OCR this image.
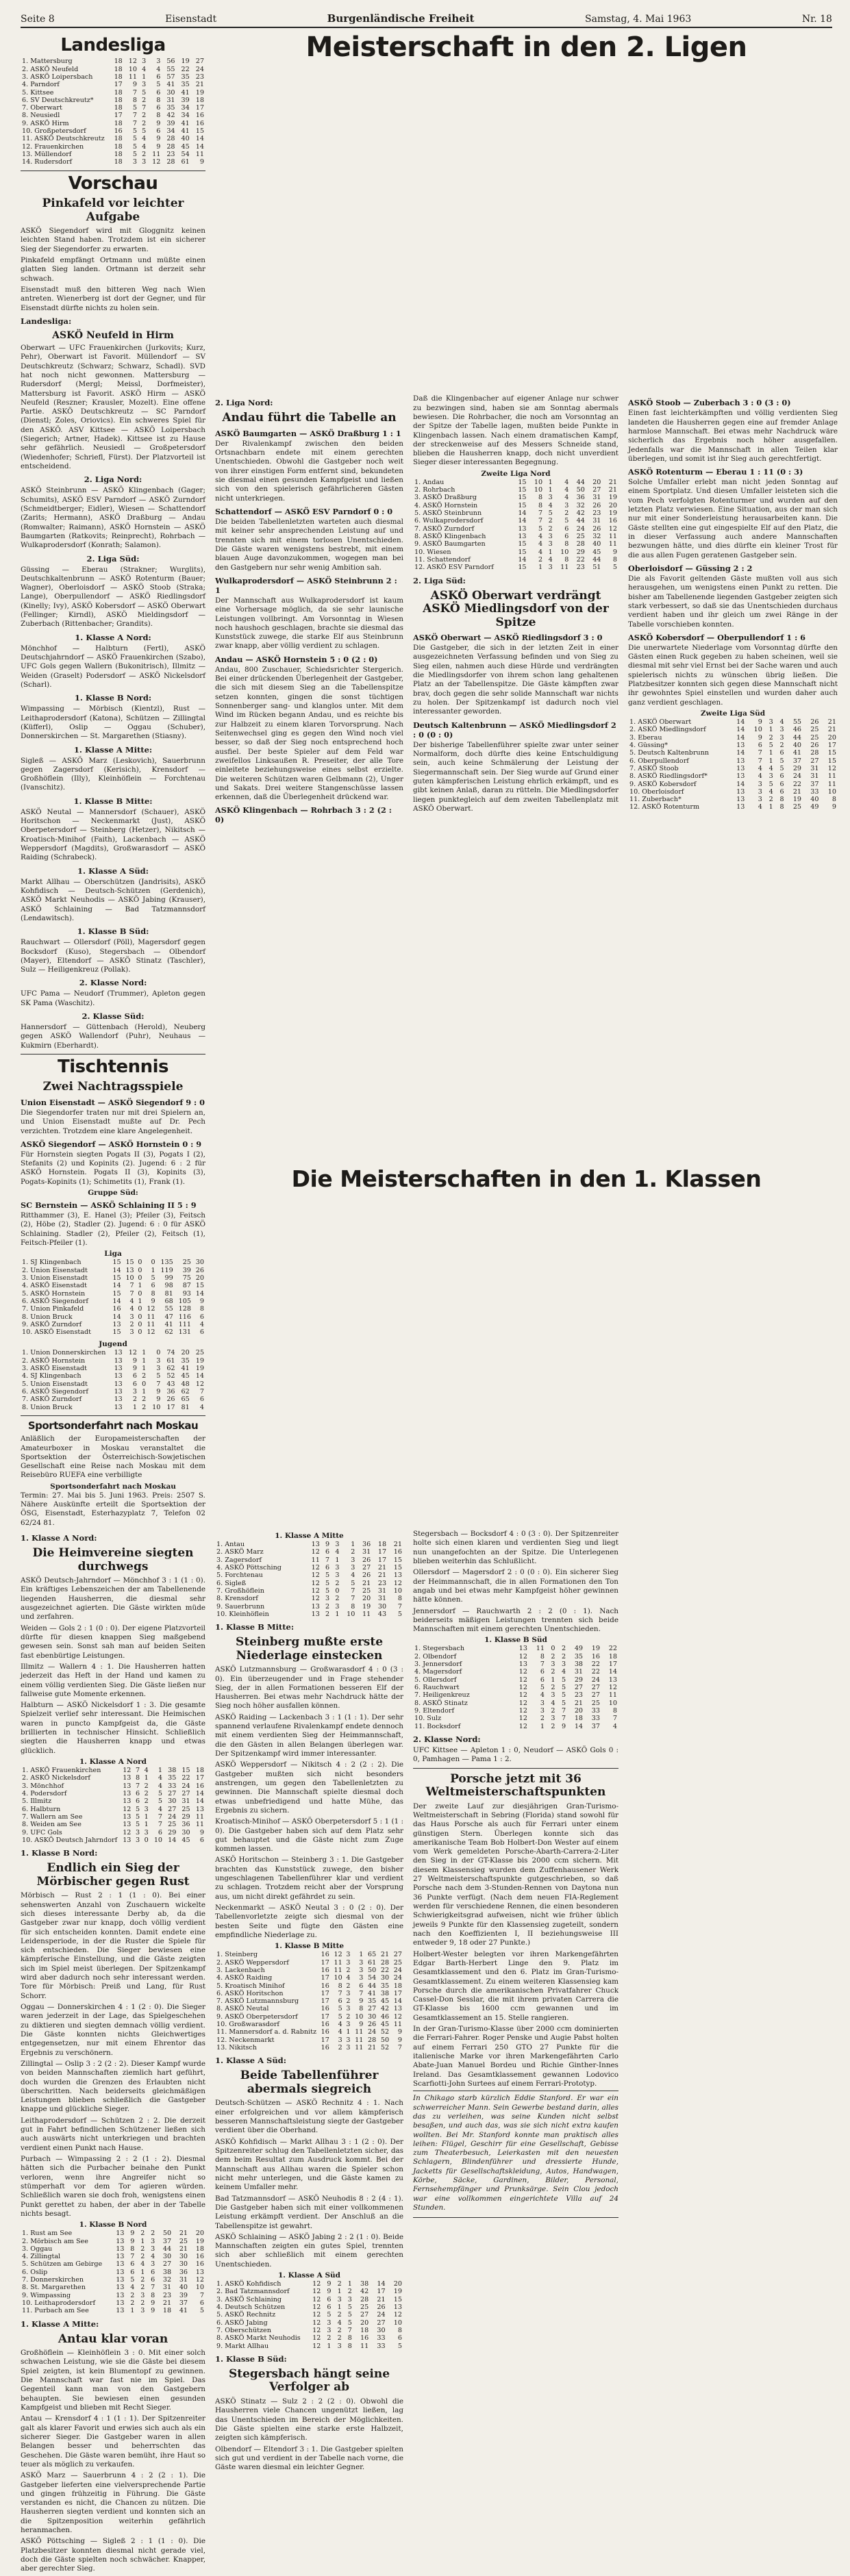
Seite 8	Eisenstadt	Burgenländische Freiheit	Samstag, 4. Mai 1963	Nr. 18
Landesliga
1. Mattersburg	18	12	3	3	56	19	27
2. ASKÖ Neufeld	18	10	4	4	55	22	24
3. ASKÖ Loipersbach	18	11	1	6	57	35	23
4. Parndorf	17	9	3	5	41	35	21
5. Kittsee	18	7	5	6	30	41	19
6. SV Deutschkreutz*	18	8	2	8	31	39	18
7. Oberwart	18	5	7	6	35	34	17
8. Neusiedl	17	7	2	8	42	34	16
9. ASKÖ Hirm	18	7	2	9	39	41	16
10. Großpetersdorf	16	5	5	6	34	41	15
11. ASKÖ Deutschkreutz	18	5	4	9	28	40	14
12. Frauenkirchen	18	5	4	9	28	45	14
13. Müllendorf	18	5	2	11	23	54	11
14. Rudersdorf	18	3	3	12	28	61	9
Vorschau
Pinkafeld vor leichter Aufgabe

ASKÖ Siegendorf wird mit Gloggnitz keinen leichten Stand haben. Trotzdem ist ein sicherer Sieg der Siegendorfer zu erwarten.

Pinkafeld empfängt Ortmann und müßte einen glatten Sieg landen. Ortmann ist derzeit sehr schwach.

Eisenstadt muß den bitteren Weg nach Wien antreten. Wienerberg ist dort der Gegner, und für Eisenstadt dürfte nichts zu holen sein.

Landesliga:
ASKÖ Neufeld in Hirm

Oberwart — UFC Frauenkirchen (Jurkovits; Kurz, Pehr), Oberwart ist Favorit. Müllendorf — SV Deutschkreutz (Schwarz; Schwarz, Schadl). SVD hat noch nicht gewonnen. Mattersburg — Rudersdorf (Mergl; Meissl, Dorfmeister), Mattersburg ist Favorit. ASKÖ Hirm — ASKÖ Neufeld (Reszner; Krausler, Mozelt). Eine offene Partie. ASKÖ Deutschkreutz — SC Parndorf (Dienstl; Zoles, Oriovics). Ein schweres Spiel für den ASKÖ. ASV Kittsee — ASKÖ Loipersbach (Siegerich; Artner, Hadek). Kittsee ist zu Hause sehr gefährlich. Neusiedl — Großpetersdorf (Wiedenhofer; Schriefl, Fürst). Der Platzvorteil ist entscheidend.

2. Liga Nord:

ASKÖ Steinbrunn — ASKÖ Klingenbach (Gager; Schumits), ASKÖ ESV Parndorf — ASKÖ Zurndorf (Schmeidtberger; Eidler), Wiesen — Schattendorf (Zarits; Hermann), ASKÖ Draßburg — Andau (Romwalter; Raimann), ASKÖ Hornstein — ASKÖ Baumgarten (Ratkovits; Reinprecht), Rohrbach — Wulkaprodersdorf (Konrath; Salamon).

2. Liga Süd:

Güssing — Eberau (Strakner; Wurglits), Deutschkaltenbrunn — ASKÖ Rotenturm (Bauer; Wagner), Oberloisdorf — ASKÖ Stoob (Straka; Lange), Oberpullendorf — ASKÖ Riedlingsdorf (Kinelly; Ivy), ASKÖ Kobersdorf — ASKÖ Oberwart (Fellinger; Kirndl), ASKÖ Mieldingsdorf — Zuberbach (Rittenbacher; Grandits).

1. Klasse A Nord:

Mönchhof — Halbturn (Fertl), ASKÖ Deutschjahrndorf — ASKÖ Frauenkirchen (Szabo), UFC Gols gegen Wallern (Bukonitrisch), Illmitz — Weiden (Graselt) Podersdorf — ASKÖ Nickelsdorf (Scharl).

1. Klasse B Nord:

Wimpassing — Mörbisch (Kientzl), Rust — Leithaprodersdorf (Katona), Schützen — Zillingtal (Küfferl), Oslip — Oggau (Schuber), Donnerskirchen — St. Margarethen (Stiasny).

1. Klasse A Mitte:

Sigleß — ASKÖ Marz (Leskovich), Sauerbrunn gegen Zagersdorf (Kerisich), Krensdorf — Großhöflein (Illy), Kleinhöflein — Forchtenau (Ivanschitz).

1. Klasse B Mitte:

ASKÖ Neutal — Mannersdorf (Schauer), ASKÖ Horitschon — Neckenmarkt (Just), ASKÖ Oberpetersdorf — Steinberg (Hetzer), Nikitsch — Kroatisch-Minihof (Faith), Lackenbach — ASKÖ Weppersdorf (Magdits), Großwarasdorf — ASKÖ Raiding (Schrabeck).

1. Klasse A Süd:

Markt Allhau — Oberschützen (Jandrisits), ASKÖ Kohfidisch — Deutsch-Schützen (Gerdenich), ASKÖ Markt Neuhodis — ASKÖ Jabing (Krauser), ASKÖ Schlaining — Bad Tatzmannsdorf (Lendawitsch).

1. Klasse B Süd:

Rauchwart — Ollersdorf (Pöll), Magersdorf gegen Bocksdorf (Kuso), Stegersbach — Olbendorf (Mayer), Eltendorf — ASKÖ Stinatz (Taschler), Sulz — Heiligenkreuz (Pollak).

2. Klasse Nord:

UFC Pama — Neudorf (Trummer), Apleton gegen SK Pama (Waschitz).

2. Klasse Süd:

Hannersdorf — Güttenbach (Herold), Neuberg gegen ASKÖ Wallendorf (Puhr), Neuhaus — Kukmirn (Eberhardt).

Tischtennis
Zwei Nachtragsspiele
Union Eisenstadt — ASKÖ Siegendorf 9 : 0

Die Siegendorfer traten nur mit drei Spielern an, und Union Eisenstadt mußte auf Dr. Pech verzichten. Trotzdem eine klare Angelegenheit.

ASKÖ Siegendorf — ASKÖ Hornstein 0 : 9

Für Hornstein siegten Pogats II (3), Pogats I (2), Stefanits (2) und Kopinits (2). Jugend: 6 : 2 für ASKÖ Hornstein. Pogats II (3), Kopinits (3), Pogats-Kopinits (1); Schimetits (1), Frank (1).

Gruppe Süd:
SC Bernstein — ASKÖ Schlaining II 5 : 9

Ritthammer (3), E. Hanel (3); Pfeiler (3), Feitsch (2), Höbe (2), Stadler (2). Jugend: 6 : 0 für ASKÖ Schlaining. Stadler (2), Pfeiler (2), Feitsch (1), Feitsch-Pfeiler (1).

Liga
1. SJ Klingenbach	15	15	0	0	135	25	30
2. Union Eisenstadt	14	13	0	1	119	39	26
3. Union Eisenstadt	15	10	0	5	99	75	20
4. ASKÖ Eisenstadt	14	7	1	6	98	87	15
5. ASKÖ Hornstein	15	7	0	8	81	93	14
6. ASKÖ Siegendorf	14	4	1	9	68	105	9
7. Union Pinkafeld	16	4	0	12	55	128	8
8. Union Bruck	14	3	0	11	47	116	6
9. ASKÖ Zurndorf	13	2	0	11	41	111	4
10. ASKÖ Eisenstadt	15	3	0	12	62	131	6
Jugend
1. Union Donnerskirchen	13	12	1	0	74	20	25
2. ASKÖ Hornstein	13	9	1	3	61	35	19
3. ASKÖ Eisenstadt	13	9	1	3	62	41	19
4. SJ Klingenbach	13	6	2	5	52	45	14
5. Union Eisenstadt	13	6	0	7	43	48	12
6. ASKÖ Siegendorf	13	3	1	9	36	62	7
7. ASKÖ Zurndorf	13	2	2	9	26	65	6
8. Union Bruck	13	1	2	10	17	81	4
Sportsonderfahrt nach Moskau

Anläßlich der Europameisterschaften der Amateurboxer in Moskau veranstaltet die Sportsektion der Österreichisch-Sowjetischen Gesellschaft eine Reise nach Moskau mit dem Reisebüro RUEFA eine verbilligte

Sportsonderfahrt nach Moskau

Termin: 27. Mai bis 5. Juni 1963. Preis: 2507 S. Nähere Auskünfte erteilt die Sportsektion der ÖSG, Eisenstadt, Esterhazyplatz 7, Telefon 02 62/24 81.

Meisterschaft in den 2. Ligen
2. Liga Nord:
Andau führt die Tabelle an
ASKÖ Baumgarten — ASKÖ Draßburg 1 : 1

Der Rivalenkampf zwischen den beiden Ortsnachbarn endete mit einem gerechten Unentschieden. Obwohl die Gastgeber noch weit von ihrer einstigen Form entfernt sind, bekundeten sie diesmal einen gesunden Kampfgeist und ließen sich von den spielerisch gefährlicheren Gästen nicht unterkriegen.

Schattendorf — ASKÖ ESV Parndorf 0 : 0

Die beiden Tabellenletzten warteten auch diesmal mit keiner sehr ansprechenden Leistung auf und trennten sich mit einem torlosen Unentschieden. Die Gäste waren wenigstens bestrebt, mit einem blauen Auge davonzukommen, wogegen man bei den Gastgebern nur sehr wenig Ambition sah.

Wulkaprodersdorf — ASKÖ Steinbrunn 2 : 1

Der Mannschaft aus Wulkaprodersdorf ist kaum eine Vorhersage möglich, da sie sehr launische Leistungen vollbringt. Am Vorsonntag in Wiesen noch haushoch geschlagen, brachte sie diesmal das Kunststück zuwege, die starke Elf aus Steinbrunn zwar knapp, aber völlig verdient zu schlagen.

Andau — ASKÖ Hornstein 5 : 0 (2 : 0)

Andau, 800 Zuschauer, Schiedsrichter Stergerich. Bei einer drückenden Überlegenheit der Gastgeber, die sich mit diesem Sieg an die Tabellenspitze setzen konnten, gingen die sonst tüchtigen Sonnenberger sang- und klanglos unter. Mit dem Wind im Rücken begann Andau, und es reichte bis zur Halbzeit zu einem klaren Torvorsprung. Nach Seitenwechsel ging es gegen den Wind noch viel besser, so daß der Sieg noch entsprechend hoch ausfiel. Der beste Spieler auf dem Feld war zweifellos Linksaußen R. Preseiter, der alle Tore einleitete beziehungsweise eines selbst erzielte. Die weiteren Schützen waren Gelbmann (2), Unger und Sakats. Drei weitere Stangenschüsse lassen erkennen, daß die Überlegenheit drückend war.

ASKÖ Klingenbach — Rohrbach 3 : 2 (2 : 0)

Daß die Klingenbacher auf eigener Anlage nur schwer zu bezwingen sind, haben sie am Sonntag abermals bewiesen. Die Rohrbacher, die noch am Vorsonntag an der Spitze der Tabelle lagen, mußten beide Punkte in Klingenbach lassen. Nach einem dramatischen Kampf, der streckenweise auf des Messers Schneide stand, blieben die Hausherren knapp, doch nicht unverdient Sieger dieser interessanten Begegnung.

Zweite Liga Nord
1. Andau	15	10	1	4	44	20	21
2. Rohrbach	15	10	1	4	50	27	21
3. ASKÖ Draßburg	15	8	3	4	36	31	19
4. ASKÖ Hornstein	15	8	4	3	32	26	20
5. ASKÖ Steinbrunn	14	7	5	2	42	23	19
6. Wulkaprodersdorf	14	7	2	5	44	31	16
7. ASKÖ Zurndorf	13	5	2	6	24	26	12
8. ASKÖ Klingenbach	13	4	3	6	25	32	11
9. ASKÖ Baumgarten	15	4	3	8	28	40	11
10. Wiesen	15	4	1	10	29	45	9
11. Schattendorf	14	2	4	8	22	44	8
12. ASKÖ ESV Parndorf	15	1	3	11	23	51	5
2. Liga Süd:
ASKÖ Oberwart verdrängt ASKÖ Miedlingsdorf von der Spitze
ASKÖ Oberwart — ASKÖ Riedlingsdorf 3 : 0

Die Gastgeber, die sich in der letzten Zeit in einer ausgezeichneten Verfassung befinden und von Sieg zu Sieg eilen, nahmen auch diese Hürde und verdrängten die Miedlingsdorfer von ihrem schon lang gehaltenen Platz an der Tabellenspitze. Die Gäste kämpften zwar brav, doch gegen die sehr solide Mannschaft war nichts zu holen. Der Spitzenkampf ist dadurch noch viel interessanter geworden.

Deutsch Kaltenbrunn — ASKÖ Miedlingsdorf 2 : 0 (0 : 0)

Der bisherige Tabellenführer spielte zwar unter seiner Normalform, doch dürfte dies keine Entschuldigung sein, auch keine Schmälerung der Leistung der Siegermannschaft sein. Der Sieg wurde auf Grund einer guten kämpferischen Leistung ehrlich erkämpft, und es gibt keinen Anlaß, daran zu rütteln. Die Miedlingsdorfer liegen punktegleich auf dem zweiten Tabellenplatz mit ASKÖ Oberwart.

ASKÖ Stoob — Zuberbach 3 : 0 (3 : 0)

Einen fast leichterkämpften und völlig verdienten Sieg landeten die Hausherren gegen eine auf fremder Anlage harmlose Mannschaft. Bei etwas mehr Nachdruck wäre sicherlich das Ergebnis noch höher ausgefallen. Jedenfalls war die Mannschaft in allen Teilen klar überlegen, und somit ist ihr Sieg auch gerechtfertigt.

ASKÖ Rotenturm — Eberau 1 : 11 (0 : 3)

Solche Umfaller erlebt man nicht jeden Sonntag auf einem Sportplatz. Und diesen Umfaller leisteten sich die vom Pech verfolgten Rotenturmer und wurden auf den letzten Platz verwiesen. Eine Situation, aus der man sich nur mit einer Sonderleistung herausarbeiten kann. Die Gäste stellten eine gut eingespielte Elf auf den Platz, die in dieser Verfassung auch andere Mannschaften bezwungen hätte, und dies dürfte ein kleiner Trost für die aus allen Fugen geratenen Gastgeber sein.

Oberloisdorf — Güssing 2 : 2

Die als Favorit geltenden Gäste mußten voll aus sich herausgehen, um wenigstens einen Punkt zu retten. Die bisher am Tabellenende liegenden Gastgeber zeigten sich stark verbessert, so daß sie das Unentschieden durchaus verdient haben und ihr gleich um zwei Ränge in der Tabelle vorschieben konnten.

ASKÖ Kobersdorf — Oberpullendorf 1 : 6

Die unerwartete Niederlage vom Vorsonntag dürfte den Gästen einen Ruck gegeben zu haben scheinen, weil sie diesmal mit sehr viel Ernst bei der Sache waren und auch spielerisch nichts zu wünschen übrig ließen. Die Platzbesitzer konnten sich gegen diese Mannschaft nicht ihr gewohntes Spiel einstellen und wurden daher auch ganz verdient geschlagen.

Zweite Liga Süd
1. ASKÖ Oberwart	14	9	3	4	55	26	21
2. ASKÖ Miedlingsdorf	14	10	1	3	46	25	21
3. Eberau	14	9	2	3	44	25	20
4. Güssing*	13	6	5	2	40	26	17
5. Deutsch Kaltenbrunn	14	7	1	6	41	28	15
6. Oberpullendorf	13	7	1	5	37	27	15
7. ASKÖ Stoob	13	4	4	5	29	31	12
8. ASKÖ Riedlingsdorf*	13	4	3	6	24	31	11
9. ASKÖ Kobersdorf	14	3	5	6	22	37	11
10. Oberloisdorf	13	3	4	6	21	33	10
11. Zuberbach*	13	3	2	8	19	40	8
12. ASKÖ Rotenturm	13	4	1	8	25	49	9
Die Meisterschaften in den 1. Klassen
1. Klasse A Nord:
Die Heimvereine siegten durchwegs

ASKÖ Deutsch-Jahrndorf — Mönchhof 3 : 1 (1 : 0). Ein kräftiges Lebenszeichen der am Tabellenende liegenden Hausherren, die diesmal sehr ausgezeichnet agierten. Die Gäste wirkten müde und zerfahren.

Weiden — Gols 2 : 1 (0 : 0). Der eigene Platzvorteil dürfte für diesen knappen Sieg maßgebend gewesen sein. Sonst sah man auf beiden Seiten fast ebenbürtige Leistungen.

Illmitz — Wallern 4 : 1. Die Hausherren hatten jederzeit das Heft in der Hand und kamen zu einem völlig verdienten Sieg. Die Gäste ließen nur fallweise gute Momente erkennen.

Halbturn — ASKÖ Nickelsdorf 1 : 3. Die gesamte Spielzeit verlief sehr interessant. Die Heimischen waren in puncto Kampfgeist da, die Gäste brillierten in technischer Hinsicht. Schließlich siegten die Hausherren knapp und etwas glücklich.

1. Klasse A Nord
1. ASKÖ Frauenkirchen	12	7	4	1	38	15	18
2. ASKÖ Nickelsdorf	13	8	1	4	35	22	17
3. Mönchhof	13	7	2	4	33	24	16
4. Podersdorf	13	6	2	5	27	27	14
5. Illmitz	13	6	2	5	30	31	14
6. Halbturn	12	5	3	4	27	25	13
7. Wallern am See	13	5	1	7	24	29	11
8. Weiden am See	13	5	1	7	25	36	11
9. UFC Gols	12	3	3	6	29	30	9
10. ASKÖ Deutsch Jahrndorf	13	3	0	10	14	45	6
1. Klasse B Nord:
Endlich ein Sieg der Mörbischer gegen Rust

Mörbisch — Rust 2 : 1 (1 : 0). Bei einer sehenswerten Anzahl von Zuschauern wickelte sich dieses interessante Derby ab, da die Gastgeber zwar nur knapp, doch völlig verdient für sich entscheiden konnten. Damit endete eine Leidensperiode, in der die Ruster die Spiele für sich entschieden. Die Sieger bewiesen eine kämpferische Einstellung, und die Gäste zeigten sich im Spiel meist überlegen. Der Spitzenkampf wird aber dadurch noch sehr interessant werden. Tore für Mörbisch: Preiß und Lang, für Rust Schorr.

Oggau — Donnerskirchen 4 : 1 (2 : 0). Die Sieger waren jederzeit in der Lage, das Spielgeschehen zu diktieren und siegten demnach völlig verdient. Die Gäste konnten nichts Gleichwertiges entgegensetzen, nur mit einem Ehrentor das Ergebnis zu verschönern.

Zillingtal — Oslip 3 : 2 (2 : 2). Dieser Kampf wurde von beiden Mannschaften ziemlich hart geführt, doch wurden die Grenzen des Erlaubten nicht überschritten. Nach beiderseits gleichmäßigen Leistungen blieben schließlich die Gastgeber knappe und glückliche Sieger.

Leithaprodersdorf — Schützen 2 : 2. Die derzeit gut in Fahrt befindlichen Schützener ließen sich auch auswärts nicht unterkriegen und brachten verdient einen Punkt nach Hause.

Purbach — Wimpassing 2 : 2 (1 : 2). Diesmal hätten sich die Purbacher beinahe den Punkt verloren, wenn ihre Angreifer nicht so stümperhaft vor dem Tor agieren würden. Schließlich waren sie doch froh, wenigstens einen Punkt gerettet zu haben, der aber in der Tabelle nichts besagt.

1. Klasse B Nord
1. Rust am See	13	9	2	2	50	21	20
2. Mörbisch am See	13	9	1	3	37	25	19
3. Oggau	13	8	2	3	44	21	18
4. Zillingtal	13	7	2	4	30	30	16
5. Schützen am Gebirge	13	6	4	3	27	30	16
6. Oslip	13	6	1	6	38	36	13
7. Donnerskirchen	13	5	2	6	32	31	12
8. St. Margarethen	13	4	2	7	31	40	10
9. Wimpassing	13	2	3	8	23	39	7
10. Leithaprodersdorf	13	2	2	9	21	37	6
11. Purbach am See	13	1	3	9	18	41	5
1. Klasse A Mitte:
Antau klar voran

Großhöflein — Kleinhöflein 3 : 0. Mit einer solch schwachen Leistung, wie sie die Gäste bei diesem Spiel zeigten, ist kein Blumentopf zu gewinnen. Die Mannschaft war fast nie im Spiel. Das Gegenteil kann man von den Gastgebern behaupten. Sie bewiesen einen gesunden Kampfgeist und blieben mit Recht Sieger.

Antau — Krensdorf 4 : 1 (1 : 1). Der Spitzenreiter galt als klarer Favorit und erwies sich auch als ein sicherer Sieger. Die Gastgeber waren in allen Belangen besser und beherrschten das Geschehen. Die Gäste waren bemüht, ihre Haut so teuer als möglich zu verkaufen.

ASKÖ Marz — Sauerbrunn 4 : 2 (2 : 1). Die Gastgeber lieferten eine vielversprechende Partie und gingen frühzeitig in Führung. Die Gäste verstanden es nicht, die Chancen zu nützen. Die Hausherren siegten verdient und konnten sich an die Spitzenposition weiterhin gefährlich heranmachen.

ASKÖ Pöttsching — Sigleß 2 : 1 (1 : 0). Die Platzbesitzer konnten diesmal nicht gerade viel, doch die Gäste spielten noch schwächer. Knapper, aber gerechter Sieg.

1. Klasse A Mitte
1. Antau	13	9	3	1	36	18	21
2. ASKÖ Marz	12	6	4	2	31	17	16
3. Zagersdorf	11	7	1	3	26	17	15
4. ASKÖ Pöttsching	12	6	3	3	27	21	15
5. Forchtenau	12	5	3	4	26	21	13
6. Sigleß	12	5	2	5	21	23	12
7. Großhöflein	12	5	0	7	25	31	10
8. Krensdorf	12	3	2	7	20	31	8
9. Sauerbrunn	13	2	3	8	19	30	7
10. Kleinhöflein	13	2	1	10	11	43	5
1. Klasse B Mitte:
Steinberg mußte erste Niederlage einstecken

ASKÖ Lutzmannsburg — Großwarasdorf 4 : 0 (3 : 0). Ein überzeugender und in Frage stehender Sieg, der in allen Formationen besseren Elf der Hausherren. Bei etwas mehr Nachdruck hätte der Sieg noch höher ausfallen können.

ASKÖ Raiding — Lackenbach 3 : 1 (1 : 1). Der sehr spannend verlaufene Rivalenkampf endete dennoch mit einem verdienten Sieg der Heimmannschaft, die den Gästen in allen Belangen überlegen war. Der Spitzenkampf wird immer interessanter.

ASKÖ Weppersdorf — Nikitsch 4 : 2 (2 : 2). Die Gastgeber mußten sich nicht besonders anstrengen, um gegen den Tabellenletzten zu gewinnen. Die Mannschaft spielte diesmal doch etwas unbefriedigend und hatte Mühe, das Ergebnis zu sichern.

Kroatisch-Minihof — ASKÖ Oberpetersdorf 5 : 1 (1 : 0). Die Gastgeber haben sich auf dem Platz sehr gut behauptet und die Gäste nicht zum Zuge kommen lassen.

ASKÖ Horitschon — Steinberg 3 : 1. Die Gastgeber brachten das Kunststück zuwege, den bisher ungeschlagenen Tabellenführer klar und verdient zu schlagen. Trotzdem reicht aber der Vorsprung aus, um nicht direkt gefährdet zu sein.

Neckenmarkt — ASKÖ Neutal 3 : 0 (2 : 0). Der Tabellenvorletzte zeigte sich diesmal von der besten Seite und fügte den Gästen eine empfindliche Niederlage zu.

1. Klasse B Mitte
1. Steinberg	16	12	3	1	65	21	27
2. ASKÖ Weppersdorf	17	11	3	3	61	28	25
3. Lackenbach	16	11	2	3	50	22	24
4. ASKÖ Raiding	17	10	4	3	54	30	24
5. Kroatisch Minihof	16	8	2	6	44	35	18
6. ASKÖ Horitschon	17	7	3	7	41	38	17
7. ASKÖ Lutzmannsburg	17	6	2	9	35	45	14
8. ASKÖ Neutal	16	5	3	8	27	42	13
9. ASKÖ Oberpetersdorf	17	5	2	10	30	46	12
10. Großwarasdorf	16	4	3	9	26	45	11
11. Mannersdorf a. d. Rabnitz	16	4	1	11	24	52	9
12. Neckenmarkt	17	3	3	11	28	50	9
13. Nikitsch	16	2	3	11	21	52	7
1. Klasse A Süd:
Beide Tabellenführer abermals siegreich

Deutsch-Schützen — ASKÖ Rechnitz 4 : 1. Nach einer erfolgreichen und vor allem kämpferisch besseren Mannschaftsleistung siegte der Gastgeber verdient über die Oberhand.

ASKÖ Kohfidisch — Markt Allhau 3 : 1 (2 : 0). Der Spitzenreiter schlug den Tabellenletzten sicher, das dem beim Resultat zum Ausdruck kommt. Bei der Mannschaft aus Allhau waren die Spieler schon nicht mehr unterlegen, und die Gäste kamen zu keinem Umfaller mehr.

Bad Tatzmannsdorf — ASKÖ Neuhodis 8 : 2 (4 : 1). Die Gastgeber haben sich mit einer vollkommenen Leistung erkämpft verdient. Der Anschluß an die Tabellenspitze ist gewahrt.

ASKÖ Schlaining — ASKÖ Jabing 2 : 2 (1 : 0). Beide Mannschaften zeigten ein gutes Spiel, trennten sich aber schließlich mit einem gerechten Unentschieden.

1. Klasse A Süd
1. ASKÖ Kohfidisch	12	9	2	1	38	14	20
2. Bad Tatzmannsdorf	12	9	1	2	42	17	19
3. ASKÖ Schlaining	12	6	3	3	28	21	15
4. Deutsch Schützen	12	6	1	5	25	26	13
5. ASKÖ Rechnitz	12	5	2	5	27	24	12
6. ASKÖ Jabing	12	3	4	5	20	27	10
7. Oberschützen	12	3	2	7	18	30	8
8. ASKÖ Markt Neuhodis	12	2	2	8	16	33	6
9. Markt Allhau	12	1	3	8	11	33	5
1. Klasse B Süd:
Stegersbach hängt seine Verfolger ab

ASKÖ Stinatz — Sulz 2 : 2 (2 : 0). Obwohl die Hausherren viele Chancen ungenützt ließen, lag das Unentschieden im Bereich der Möglichkeiten. Die Gäste spielten eine starke erste Halbzeit, zeigten sich kämpferisch.

Olbendorf — Eltendorf 3 : 1. Die Gastgeber spielten sich gut und verdient in der Tabelle nach vorne, die Gäste waren diesmal ein leichter Gegner.

Stegersbach — Bocksdorf 4 : 0 (3 : 0). Der Spitzenreiter holte sich einen klaren und verdienten Sieg und liegt nun unangefochten an der Spitze. Die Unterlegenen blieben weiterhin das Schlußlicht.

Ollersdorf — Magersdorf 2 : 0 (0 : 0). Ein sicherer Sieg der Heimmannschaft, die in allen Formationen den Ton angab und bei etwas mehr Kampfgeist höher gewinnen hätte können.

Jennersdorf — Rauchwarth 2 : 2 (0 : 1). Nach beiderseits mäßigen Leistungen trennten sich beide Mannschaften mit einem gerechten Unentschieden.

1. Klasse B Süd
1. Stegersbach	13	11	0	2	49	19	22
2. Olbendorf	12	8	2	2	35	16	18
3. Jennersdorf	13	7	3	3	38	22	17
4. Magersdorf	12	6	2	4	31	22	14
5. Ollersdorf	12	6	1	5	29	24	13
6. Rauchwart	12	5	2	5	27	27	12
7. Heiligenkreuz	12	4	3	5	23	27	11
8. ASKÖ Stinatz	12	3	4	5	21	25	10
9. Eltendorf	12	3	2	7	20	33	8
10. Sulz	12	2	3	7	18	33	7
11. Bocksdorf	12	1	2	9	14	37	4
2. Klasse Nord:

UFC Kittsee — Apleton 1 : 0, Neudorf — ASKÖ Gols 0 : 0, Pamhagen — Pama 1 : 2.

Porsche jetzt mit 36 Weltmeisterschaftspunkten

Der zweite Lauf zur diesjährigen Gran-Turismo-Weltmeisterschaft in Sebring (Florida) stand sowohl für das Haus Porsche als auch für Ferrari unter einem günstigen Stern. Überlegen konnte sich das amerikanische Team Bob Holbert-Don Wester auf einem vom Werk gemeldeten Porsche-Abarth-Carrera-2-Liter den Sieg in der GT-Klasse bis 2000 ccm sichern. Mit diesem Klassensieg wurden dem Zuffenhausener Werk 27 Weltmeisterschaftspunkte gutgeschrieben, so daß Porsche nach dem 3-Stunden-Rennen von Daytona nun 36 Punkte verfügt. (Nach dem neuen FIA-Reglement werden für verschiedene Rennen, die einen besonderen Schwierigkeitsgrad aufweisen, nicht wie früher üblich jeweils 9 Punkte für den Klassensieg zugeteilt, sondern nach den Koeffizienten I, II beziehungsweise III entweder 9, 18 oder 27 Punkte.)

Holbert-Wester belegten vor ihren Markengefährten Edgar Barth-Herbert Linge den 9. Platz im Gesamtklassement und den 6. Platz im Gran-Turismo-Gesamtklassement. Zu einem weiteren Klassensieg kam Porsche durch die amerikanischen Privatfahrer Chuck Cassel-Don Sesslar, die mit ihrem privaten Carrera die GT-Klasse bis 1600 ccm gewannen und im Gesamtklassement an 15. Stelle rangieren.

In der Gran-Turismo-Klasse über 2000 ccm dominierten die Ferrari-Fahrer. Roger Penske und Augie Pabst holten auf einem Ferrari 250 GTO 27 Punkte für die italienische Marke vor ihren Markengefährten Carlo Abate-Juan Manuel Bordeu und Richie Ginther-Innes Ireland. Das Gesamtklassement gewannen Lodovico Scarfiotti-John Surtees auf einem Ferrari-Prototyp.

In Chikago starb kürzlich Eddie Stanford. Er war ein schwerreicher Mann. Sein Gewerbe bestand darin, alles das zu verleihen, was seine Kunden nicht selbst besaßen, und auch das, was sie sich nicht extra kaufen wollten. Bei Mr. Stanford konnte man praktisch alles leihen: Flügel, Geschirr für eine Gesellschaft, Gebisse zum Theaterbesuch, Leierkasten mit den neuesten Schlagern, Blindenführer und dressierte Hunde, Jacketts für Gesellschaftskleidung, Autos, Handwagen, Körbe, Säcke, Gardinen, Bilder, Personal, Fernsehempfänger und Prunksärge. Sein Clou jedoch war eine vollkommen eingerichtete Villa auf 24 Stunden.
